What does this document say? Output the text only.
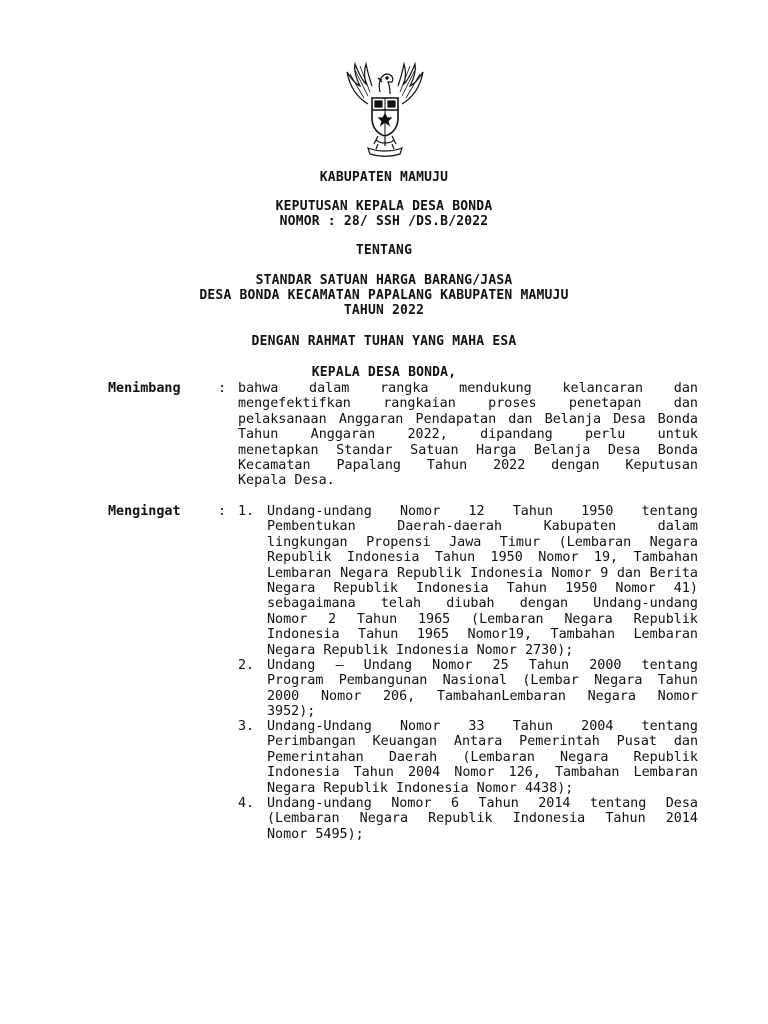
KABUPATEN MAMUJU
KEPUTUSAN KEPALA DESA BONDA
NOMOR : 28/ SSH /DS.B/2022
TENTANG
STANDAR SATUAN HARGA BARANG/JASA
DESA BONDA KECAMATAN PAPALANG KABUPATEN MAMUJU
TAHUN 2022
DENGAN RAHMAT TUHAN YANG MAHA ESA
KEPALA DESA BONDA,
Menimbang	: bahwa dalam rangka mendukung kelancaran dan
mengefektifkan rangkaian proses penetapan dan
pelaksanaan Anggaran Pendapatan dan Belanja Desa Bonda
Tahun Anggaran 2022, dipandang perlu untuk
menetapkan Standar Satuan Harga Belanja Desa Bonda
Kecamatan Papalang Tahun 2022 dengan Keputusan
Kepala Desa.
Mengingat	: 1. Undang-undang Nomor 12 Tahun 1950 tentang
Pembentukan Daerah-daerah Kabupaten dalam
lingkungan Propensi Jawa Timur (Lembaran Negara
Republik Indonesia Tahun 1950 Nomor 19, Tambahan
Lembaran Negara Republik Indonesia Nomor 9 dan Berita
Negara Republik Indonesia Tahun 1950 Nomor 41)
sebagaimana telah diubah dengan Undang-undang
Nomor 2 Tahun 1965 (Lembaran Negara Republik
Indonesia Tahun 1965 Nomor19, Tambahan Lembaran
Negara Republik Indonesia Nomor 2730);
2. Undang – Undang Nomor 25 Tahun 2000 tentang
Program Pembangunan Nasional (Lembar Negara Tahun
2000 Nomor 206, TambahanLembaran Negara Nomor
3952);
3. Undang-Undang Nomor 33 Tahun 2004 tentang
Perimbangan Keuangan Antara Pemerintah Pusat dan
Pemerintahan Daerah (Lembaran Negara Republik
Indonesia Tahun 2004 Nomor 126, Tambahan Lembaran
Negara Republik Indonesia Nomor 4438);
4. Undang-undang Nomor 6 Tahun 2014 tentang Desa
(Lembaran Negara Republik Indonesia Tahun 2014
Nomor 5495);
